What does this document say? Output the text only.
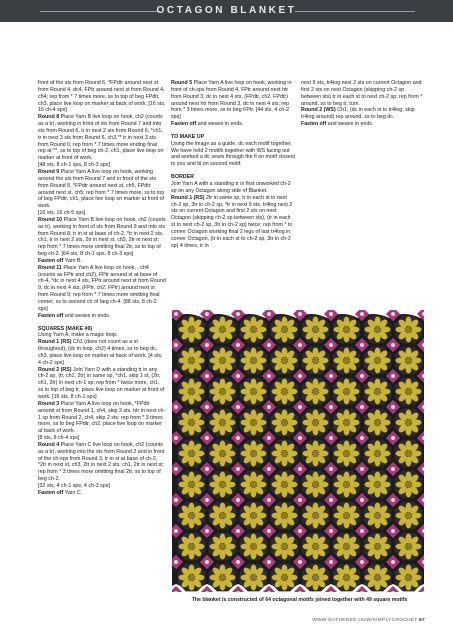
OCTAGON BLANKET

front of the sts from Round 6, *FPdtr around next st from Round 4, dc4, FPtr around next st from Round 4, ch4; rep from * 7 times more, ss to top of beg FPdtr, ch3, place live loop on marker at back of work. [16 sts, 16 ch-4 sps]

Round 8 Place Yarn B live loop on hook, ch2 (counts as a tr), working in front of sts from Round 7 and into sts from Round 6, tr in next 2 sts from Round 6, *ch1, tr in next 3 sts from Round 6, ch3,** tr in next 3 sts from Round 6; rep from * 7 times more ending final rep at **, ss to top of beg ch-2, ch1, place live loop on marker at front of work.

[48 sts, 8 ch-1 sps, 8 ch-3 sps]

Round 9 Place Yarn A live loop on hook, working around the sts from Round 7 and in front of the sts from Round 8, *FPdtr around next st, ch5, FPdtr around next st, ch5; rep from * 7 times more, ss to top of beg FPdtr, ch1, place live loop on marker at front of work.

[16 sts, 16 ch-5 sps]

Round 10 Place Yarn B live loop on hook, ch2 (counts as tr), working in front of sts from Round 9 and into sts from Round 8, tr in st at base of ch-2, *tr in next 2 sts, ch1, tr in next 2 sts, 2tr in next st, ch3, 2tr in next st; rep from * 7 times more omitting final 2tr, ss to top of beg ch-2. [64 sts, 8 ch-1 sps, 8 ch-3 sps]

Fasten off Yarn B.

Round 11 Place Yarn A live loop on hook, , ch4 (counts as FPtr and ch2), FPtr around st at base of ch-4, *dc in next 4 sts, FPtr around next st from Round 9, dc in next 4 sts, (FPtr, ch2, FPtr) around next st from Round 9; rep from * 7 times more omitting final corner, ss to second ch of beg ch-4. [88 sts, 8 ch-2 sps]

Fasten off and weave in ends.

SQUARES (MAKE 49)

Using Yarn A, make a magic loop.

Round 1 (RS) Ch1 (does not count as a st throughout), (dc in loop, ch2) 4 times, ss to beg dc, ch3, place live loop on marker at back of work. [4 sts, 4 ch-2 sps]

Round 2 (RS) Join Yarn D with a standing tr in any ch-2 sp, (tr, ch1, 2tr) in same sp, *ch1, skip 1 st, (2tr, ch1, 2tr) in next ch-1 sp; rep from * twice more, ch1, ss to top of beg tr, place live loop on marker at front of work. [16 sts, 8 ch-1 sps]

Round 3 Place Yarn A live loop on hook, *FPdtr around st from Round 1, ch4, skip 2 sts, htr in next ch-1 sp from Round 2, ch4, skip 2 sts; rep from * 3 times more, ss to beg FPdtr, ch2, place live loop on marker at back of work.

[8 sts, 8 ch-4 sps]

Round 4 Place Yarn C live loop on hook, ch2 (counts as a tr), working into the sts from Round 2 and in front of the ch-sps from Round 3, tr in st at base of ch-2, *2tr in next st, ch3, 2tr in next 2 sts, ch1, 2tr in next st; rep from * 3 times more omitting final 2tr, ss to top of beg ch-2.

[32 sts, 4 ch-1 sps, 4 ch-3 sps]

Fasten off Yarn C.

Round 5 Place Yarn A live loop on hook, working in front of ch-sps from Round 4, FPtr around next htr from Round 3, dc in next 4 sts, (FPdtr, ch2, FPdtr) around next htr from Round 3, dc in next 4 sts; rep from * 3 times more, ss to beg FPtr. [44 sts, 4 ch-2 sps]

Fasten off and weave in ends.

TO MAKE UP

Using the image as a guide, dc each motif together. We have held 2 motifs together with WS facing out and worked a dc seam through the fl on motif closest to you and bl on second motif.

BORDER

Join Yarn A with a standing tr in first unworked ch-2 sp on any Octagon along side of Blanket.

Round 1 (RS) 2tr in same sp, tr in each st to next ch-2 sp, 3tr in ch-2 sp, *tr in next 9 sts, tr4tog next 2 sts on current Octagon and first 2 sts on next Octagon (skipping ch-2 sp between sts), (tr in each st to next ch-2 sp, 3tr in ch-2 sp) twice; rep from * to corner Octagon working final 2 legs of last tr4tog in corner Octagon, (tr in each st to ch-2 sp, 3tr in ch-2 sp) 4 times, tr in

next 9 sts, tr4tog next 2 sts on current Octagon and first 2 sts on next Octagon (skipping ch-2 sp between sts) tr in each st to next ch-2 sp; rep from * around, ss to beg tr, turn.

Round 2 (WS) Ch1, (dc in each st to tr4tog, skip tr4tog around) rep around, ss to beg dc.

Fasten off and weave in ends.

The blanket is constructed of 64 octagonal motifs joined together with 49 square motifs
WWW.GATHERED.HOW/SIMPLYCROCHET 67
